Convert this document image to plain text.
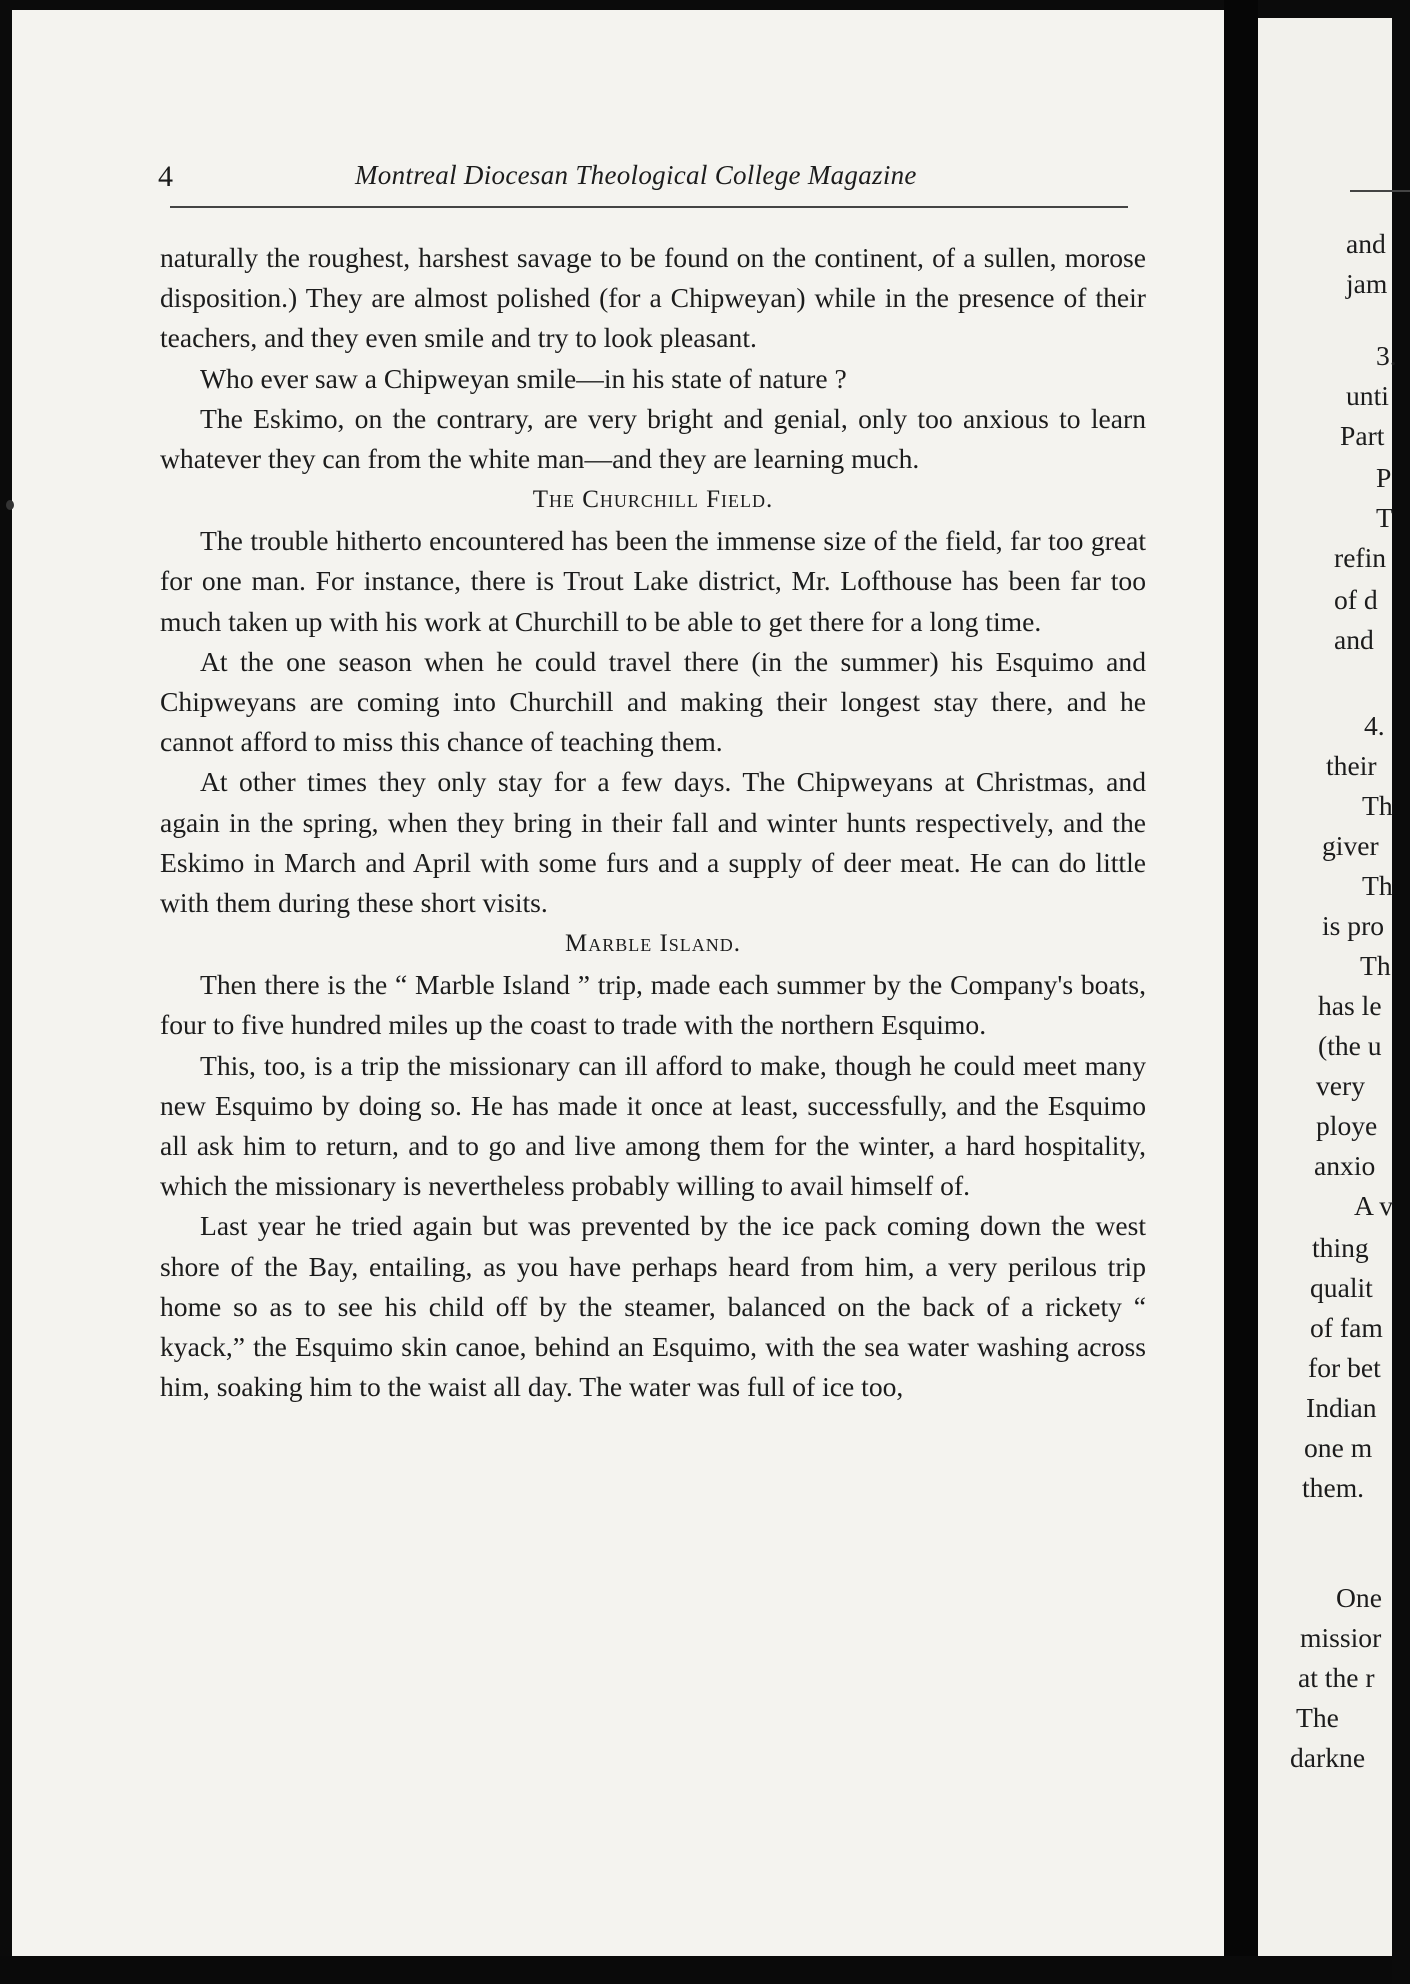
4	Montreal Diocesan Theological College Magazine

naturally the roughest, harshest savage to be found on the continent, of a sullen, morose disposition.) They are almost polished (for a Chipweyan) while in the presence of their teachers, and they even smile and try to look pleasant.

Who ever saw a Chipweyan smile—in his state of nature ?

The Eskimo, on the contrary, are very bright and genial, only too anxious to learn whatever they can from the white man—and they are learning much.

The Churchill Field.

The trouble hitherto encountered has been the immense size of the field, far too great for one man. For instance, there is Trout Lake district, Mr. Lofthouse has been far too much taken up with his work at Churchill to be able to get there for a long time.

At the one season when he could travel there (in the summer) his Esquimo and Chipweyans are coming into Churchill and making their longest stay there, and he cannot afford to miss this chance of teaching them.

At other times they only stay for a few days. The Chipweyans at Christmas, and again in the spring, when they bring in their fall and winter hunts respectively, and the Eskimo in March and April with some furs and a supply of deer meat. He can do little with them during these short visits.

Marble Island.

Then there is the “ Marble Island ” trip, made each summer by the Company's boats, four to five hundred miles up the coast to trade with the northern Esquimo.

This, too, is a trip the missionary can ill afford to make, though he could meet many new Esquimo by doing so. He has made it once at least, successfully, and the Esquimo all ask him to return, and to go and live among them for the winter, a hard hospitality, which the missionary is nevertheless probably willing to avail himself of.

Last year he tried again but was prevented by the ice pack coming down the west shore of the Bay, entailing, as you have perhaps heard from him, a very perilous trip home so as to see his child off by the steamer, balanced on the back of a rickety “ kyack,” the Esquimo skin canoe, behind an Esquimo, with the sea water washing across him, soaking him to the waist all day. The water was full of ice too,

and
jam
3.
unti
Part
P
T
refin
of d
and
4.
their
Th
giver
Th
is pro
Th
has le
(the u
very
ploye
anxio
A v
thing
qualit
of fam
for bet
Indian
one m
them.
One
missior
at the r
The
darkne
